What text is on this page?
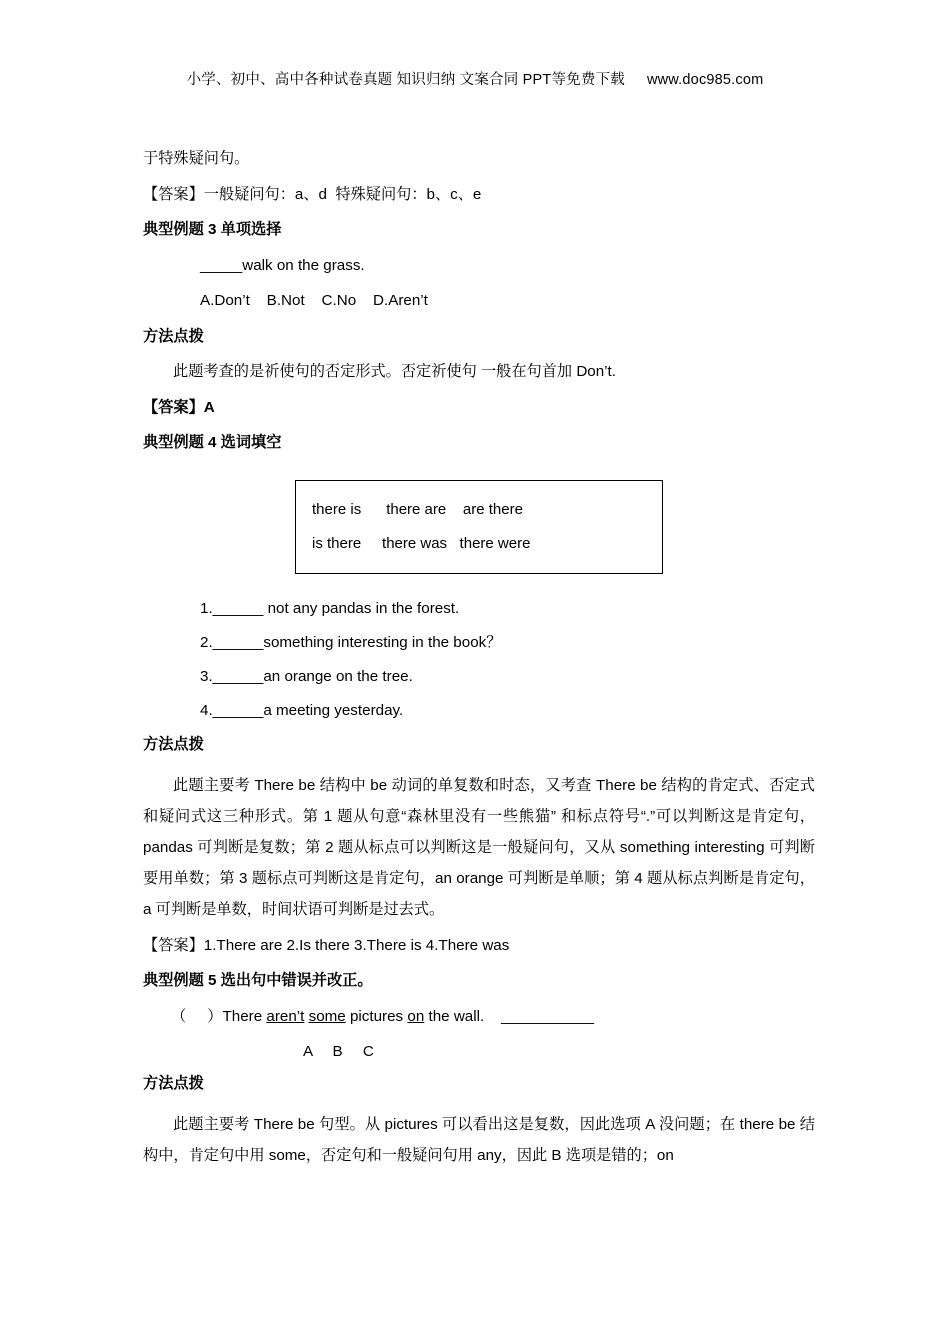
小学、初中、高中各种试卷真题 知识归纳 文案合同 PPT等免费下载 www.doc985.com

于特殊疑问句。

【答案】一般疑问句：a、d  特殊疑问句：b、c、e

典型例题 3 单项选择

_____walk on the grass.

A.Don’t    B.Not    C.No    D.Aren’t

方法点拨

此题考查的是祈使句的否定形式。否定祈使句 一般在句首加 Don’t.

【答案】A

典型例题 4 选词填空

there is      there are    are there
is there     there was   there were

1.______ not any pandas in the forest.

2.______something interesting in the book？

3.______an orange on the tree.

4.______a meeting yesterday.

方法点拨

此题主要考 There be 结构中 be 动词的单复数和时态，又考查 There be 结构的肯定式、否定式和疑问式这三种形式。第 1 题从句意“森林里没有一些熊猫” 和标点符号“.”可以判断这是肯定句，pandas 可判断是复数；第 2 题从标点可以判断这是一般疑问句，又从 something interesting 可判断要用单数；第 3 题标点可判断这是肯定句，an orange 可判断是单顺；第 4 题从标点判断是肯定句，a 可判断是单数，时间状语可判断是过去式。

【答案】1.There are 2.Is there 3.There is 4.There was

典型例题 5 选出句中错误并改正。

（     ）There aren’t some pictures on the wall.    ___________

A B C

方法点拨

此题主要考 There be 句型。从 pictures 可以看出这是复数，因此选项 A 没问题；在 there be 结构中，肯定句中用 some，否定句和一般疑问句用 any，因此 B 选项是错的；on
